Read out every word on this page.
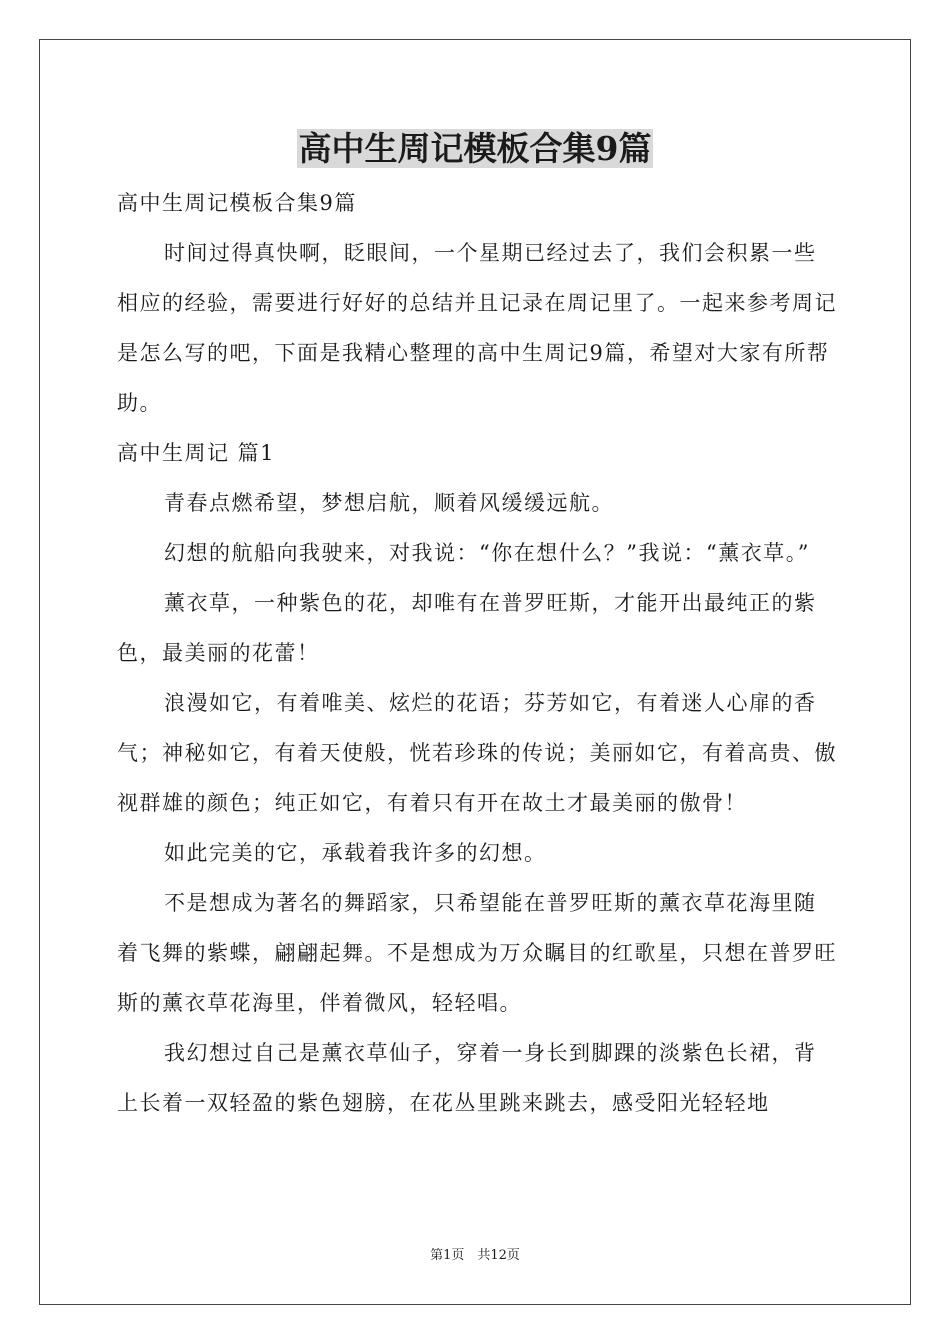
高中生周记模板合集9篇

高中生周记模板合集9篇

时间过得真快啊，眨眼间，一个星期已经过去了，我们会积累一些相应的经验，需要进行好好的总结并且记录在周记里了。一起来参考周记是怎么写的吧，下面是我精心整理的高中生周记9篇，希望对大家有所帮助。

高中生周记 篇1

青春点燃希望，梦想启航，顺着风缓缓远航。

幻想的航船向我驶来，对我说：“你在想什么？”我说：“薰衣草。”

薰衣草，一种紫色的花，却唯有在普罗旺斯，才能开出最纯正的紫色，最美丽的花蕾！

浪漫如它，有着唯美、炫烂的花语；芬芳如它，有着迷人心扉的香气；神秘如它，有着天使般，恍若珍珠的传说；美丽如它，有着高贵、傲视群雄的颜色；纯正如它，有着只有开在故土才最美丽的傲骨！

如此完美的它，承载着我许多的幻想。

不是想成为著名的舞蹈家，只希望能在普罗旺斯的薰衣草花海里随着飞舞的紫蝶，翩翩起舞。不是想成为万众瞩目的红歌星，只想在普罗旺斯的薰衣草花海里，伴着微风，轻轻唱。

我幻想过自己是薰衣草仙子，穿着一身长到脚踝的淡紫色长裙，背上长着一双轻盈的紫色翅膀，在花丛里跳来跳去，感受阳光轻轻地

第1页　共12页
